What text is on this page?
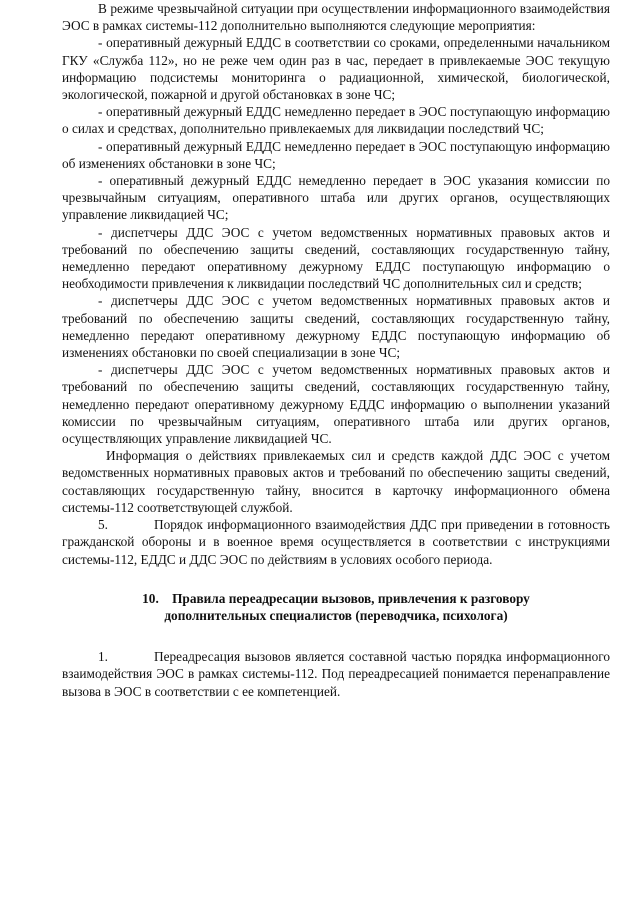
В режиме чрезвычайной ситуации при осуществлении информационного взаимодействия ЭОС в рамках системы-112 дополнительно выполняются следующие мероприятия:

- оперативный дежурный ЕДДС в соответствии со сроками, определенными начальником ГКУ «Служба 112», но не реже чем один раз в час, передает в привлекаемые ЭОС текущую информацию подсистемы мониторинга о радиационной, химической, биологической, экологической, пожарной и другой обстановках в зоне ЧС;

- оперативный дежурный ЕДДС немедленно передает в ЭОС поступающую информацию о силах и средствах, дополнительно привлекаемых для ликвидации последствий ЧС;

- оперативный дежурный ЕДДС немедленно передает в ЭОС поступающую информацию об изменениях обстановки в зоне ЧС;

- оперативный дежурный ЕДДС немедленно передает в ЭОС указания комиссии по чрезвычайным ситуациям, оперативного штаба или других органов, осуществляющих управление ликвидацией ЧС;

- диспетчеры ДДС ЭОС с учетом ведомственных нормативных правовых актов и требований по обеспечению защиты сведений, составляющих государственную тайну, немедленно передают оперативному дежурному ЕДДС поступающую информацию о необходимости привлечения к ликвидации последствий ЧС дополнительных сил и средств;

- диспетчеры ДДС ЭОС с учетом ведомственных нормативных правовых актов и требований по обеспечению защиты сведений, составляющих государственную тайну, немедленно передают оперативному дежурному ЕДДС поступающую информацию об изменениях обстановки по своей специализации в зоне ЧС;

- диспетчеры ДДС ЭОС с учетом ведомственных нормативных правовых актов и требований по обеспечению защиты сведений, составляющих государственную тайну, немедленно передают оперативному дежурному ЕДДС информацию о выполнении указаний комиссии по чрезвычайным ситуациям, оперативного штаба или других органов, осуществляющих управление ликвидацией ЧС.

Информация о действиях привлекаемых сил и средств каждой ДДС ЭОС с учетом ведомственных нормативных правовых актов и требований по обеспечению защиты сведений, составляющих государственную тайну, вносится в карточку информационного обмена системы-112 соответствующей службой.

5.	Порядок информационного взаимодействия ДДС при приведении в готовность гражданской обороны и в военное время осуществляется в соответствии с инструкциями системы-112, ЕДДС и ДДС ЭОС по действиям в условиях особого периода.

10. Правила переадресации вызовов, привлечения к разговору

дополнительных специалистов (переводчика, психолога)

1.	Переадресация вызовов является составной частью порядка информационного взаимодействия ЭОС в рамках системы-112. Под переадресацией понимается перенаправление вызова в ЭОС в соответствии с ее компетенцией.
